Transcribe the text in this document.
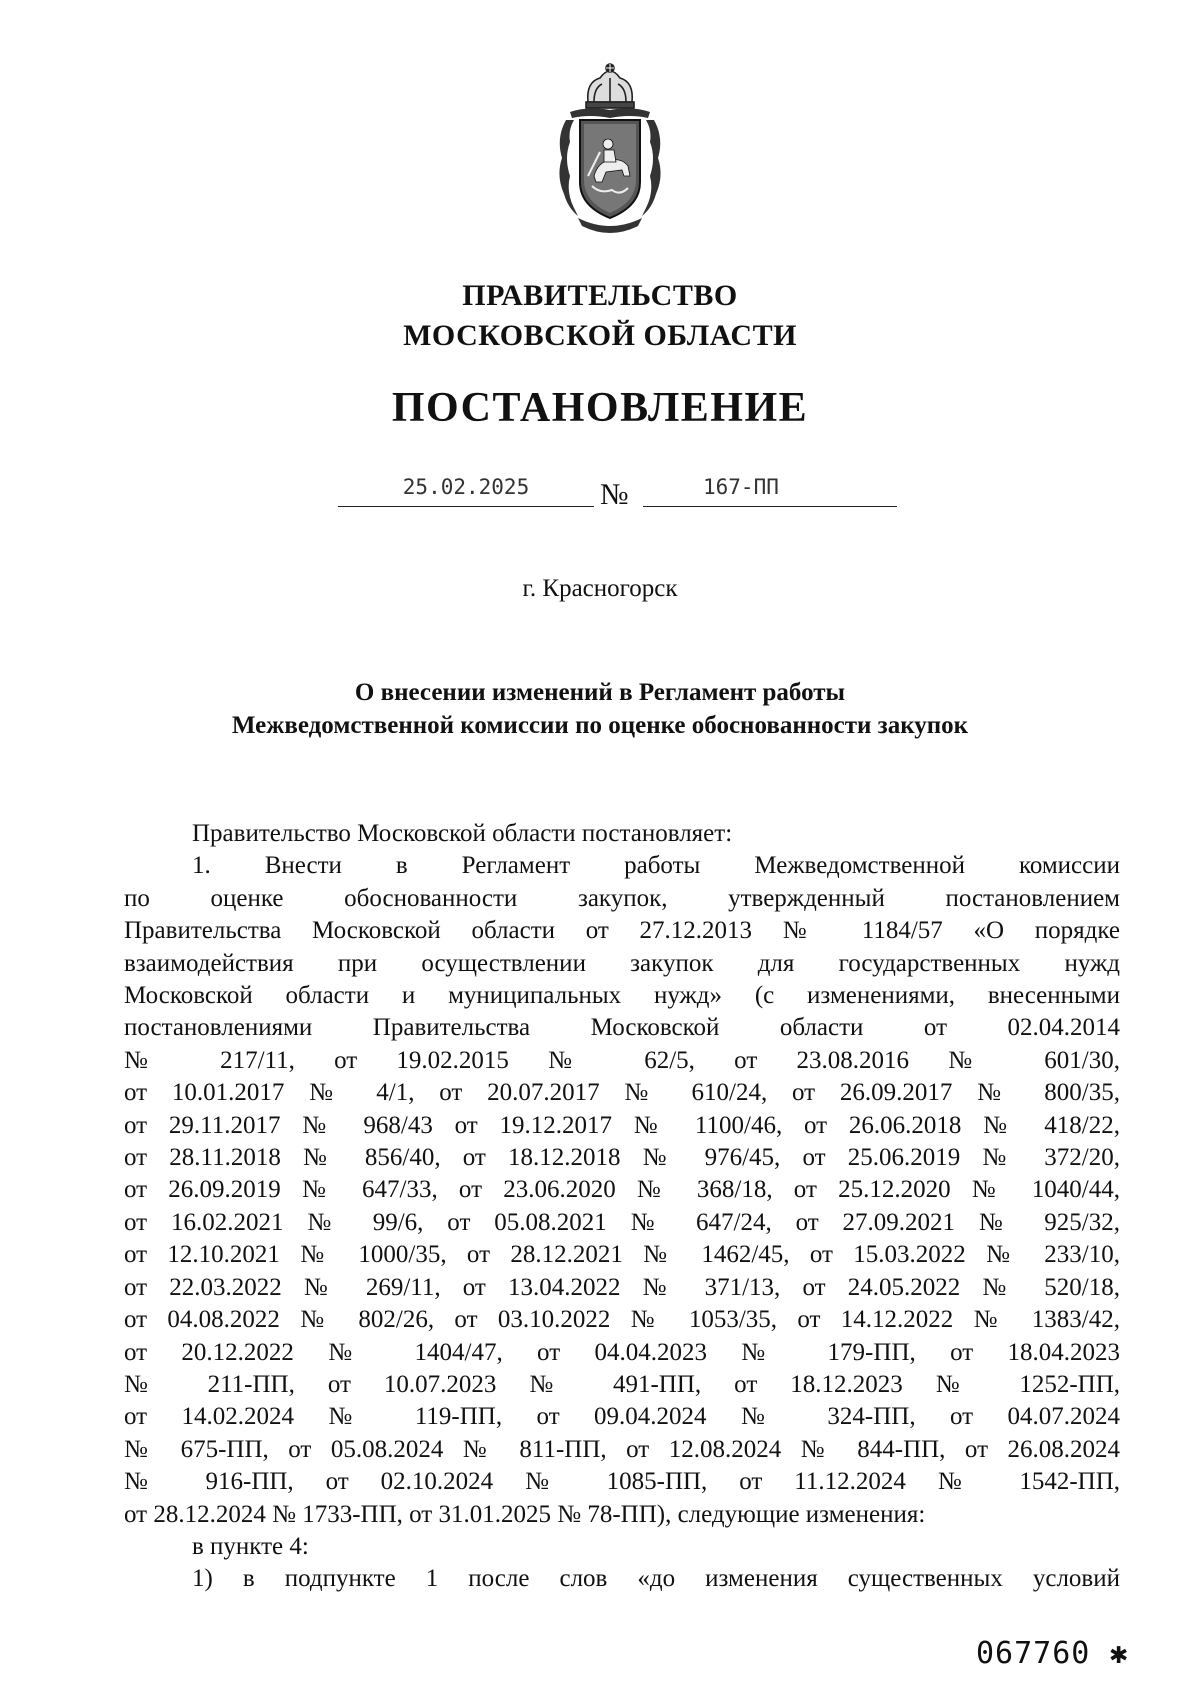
ПРАВИТЕЛЬСТВО
МОСКОВСКОЙ ОБЛАСТИ
ПОСТАНОВЛЕНИЕ
25.02.2025	№	167-ПП
г. Красногорск
О внесении изменений в Регламент работы
Межведомственной комиссии по оценке обоснованности закупок

Правительство Московской области постановляет:

1. Внести в Регламент работы Межведомственной комиссии

по оценке обоснованности закупок, утвержденный постановлением

Правительства Московской области от 27.12.2013 № 1184/57 «О порядке

взаимодействия при осуществлении закупок для государственных нужд

Московской области и муниципальных нужд» (с изменениями, внесенными

постановлениями Правительства Московской области от 02.04.2014

№ 217/11, от 19.02.2015 № 62/5, от 23.08.2016 № 601/30,

от 10.01.2017 № 4/1, от 20.07.2017 № 610/24, от 26.09.2017 № 800/35,

от 29.11.2017 № 968/43 от 19.12.2017 № 1100/46, от 26.06.2018 № 418/22,

от 28.11.2018 № 856/40, от 18.12.2018 № 976/45, от 25.06.2019 № 372/20,

от 26.09.2019 № 647/33, от 23.06.2020 № 368/18, от 25.12.2020 № 1040/44,

от 16.02.2021 № 99/6, от 05.08.2021 № 647/24, от 27.09.2021 № 925/32,

от 12.10.2021 № 1000/35, от 28.12.2021 № 1462/45, от 15.03.2022 № 233/10,

от 22.03.2022 № 269/11, от 13.04.2022 № 371/13, от 24.05.2022 № 520/18,

от 04.08.2022 № 802/26, от 03.10.2022 № 1053/35, от 14.12.2022 № 1383/42,

от 20.12.2022 № 1404/47, от 04.04.2023 № 179-ПП, от 18.04.2023

№ 211-ПП, от 10.07.2023 № 491-ПП, от 18.12.2023 № 1252-ПП,

от 14.02.2024 № 119-ПП, от 09.04.2024 № 324-ПП, от 04.07.2024

№ 675-ПП, от 05.08.2024 № 811-ПП, от 12.08.2024 № 844-ПП, от 26.08.2024

№ 916-ПП, от 02.10.2024 № 1085-ПП, от 11.12.2024 № 1542-ПП,

от 28.12.2024 № 1733-ПП, от 31.01.2025 № 78-ПП), следующие изменения:

в пункте 4:

1) в подпункте 1 после слов «до изменения существенных условий

067760 ✱
